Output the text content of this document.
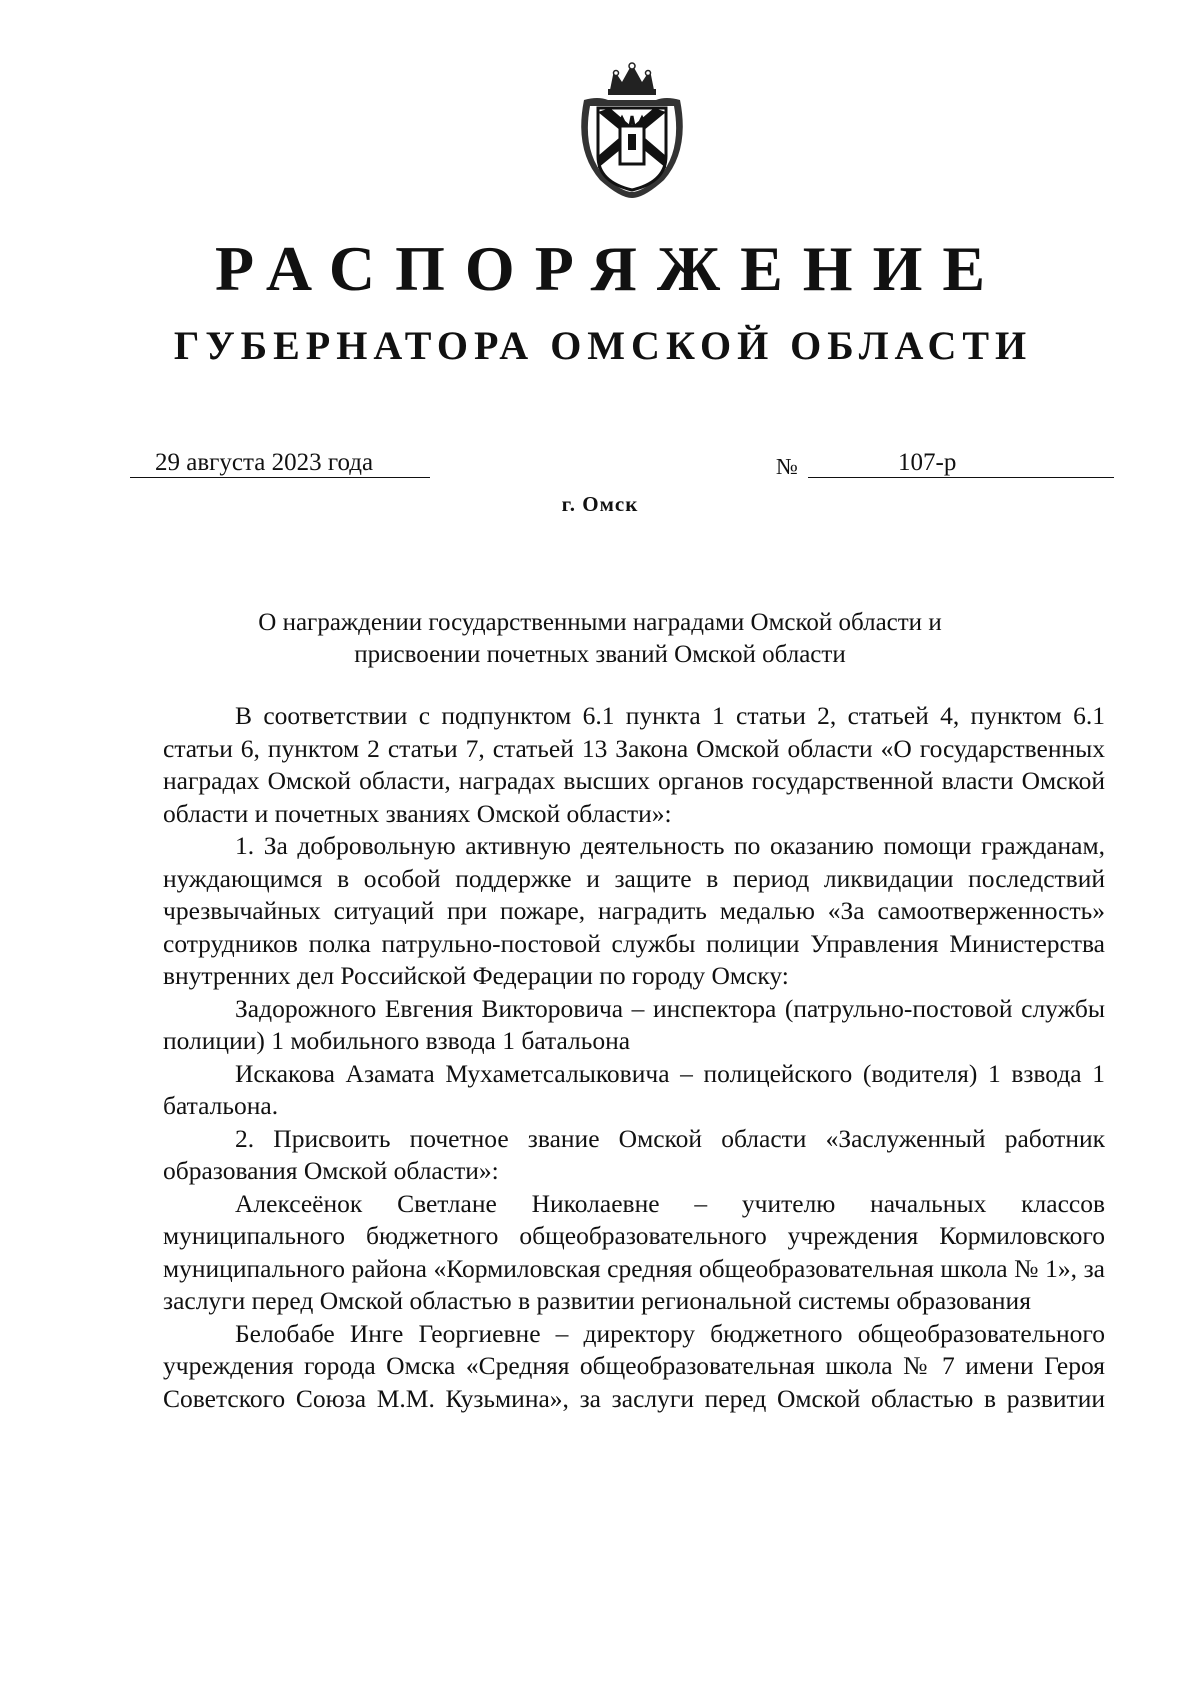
РАСПОРЯЖЕНИЕ
ГУБЕРНАТОРА ОМСКОЙ ОБЛАСТИ
29 августа 2023 года	№	107-р
г. Омск
О награждении государственными наградами Омской области и
присвоении почетных званий Омской области

В соответствии с подпунктом 6.1 пункта 1 статьи 2, статьей 4, пунктом 6.1 статьи 6, пунктом 2 статьи 7, статьей 13 Закона Омской области «О государственных наградах Омской области, наградах высших органов государственной власти Омской области и почетных званиях Омской области»:

1. За добровольную активную деятельность по оказанию помощи гражданам, нуждающимся в особой поддержке и защите в период ликвидации последствий чрезвычайных ситуаций при пожаре, наградить медалью «За самоотверженность» сотрудников полка патрульно-постовой службы полиции Управления Министерства внутренних дел Российской Федерации по городу Омску:

Задорожного Евгения Викторовича – инспектора (патрульно-постовой службы полиции) 1 мобильного взвода 1 батальона

Искакова Азамата Мухаметсалыковича – полицейского (водителя) 1 взвода 1 батальона.

2. Присвоить почетное звание Омской области «Заслуженный работник образования Омской области»:

Алексеёнок Светлане Николаевне – учителю начальных классов муниципального бюджетного общеобразовательного учреждения Кормиловского муниципального района «Кормиловская средняя общеобразовательная школа № 1», за заслуги перед Омской областью в развитии региональной системы образования

Белобабе Инге Георгиевне – директору бюджетного общеобразовательного учреждения города Омска «Средняя общеобразовательная школа № 7 имени Героя Советского Союза М.М. Кузьмина», за заслуги перед Омской областью в развитии
